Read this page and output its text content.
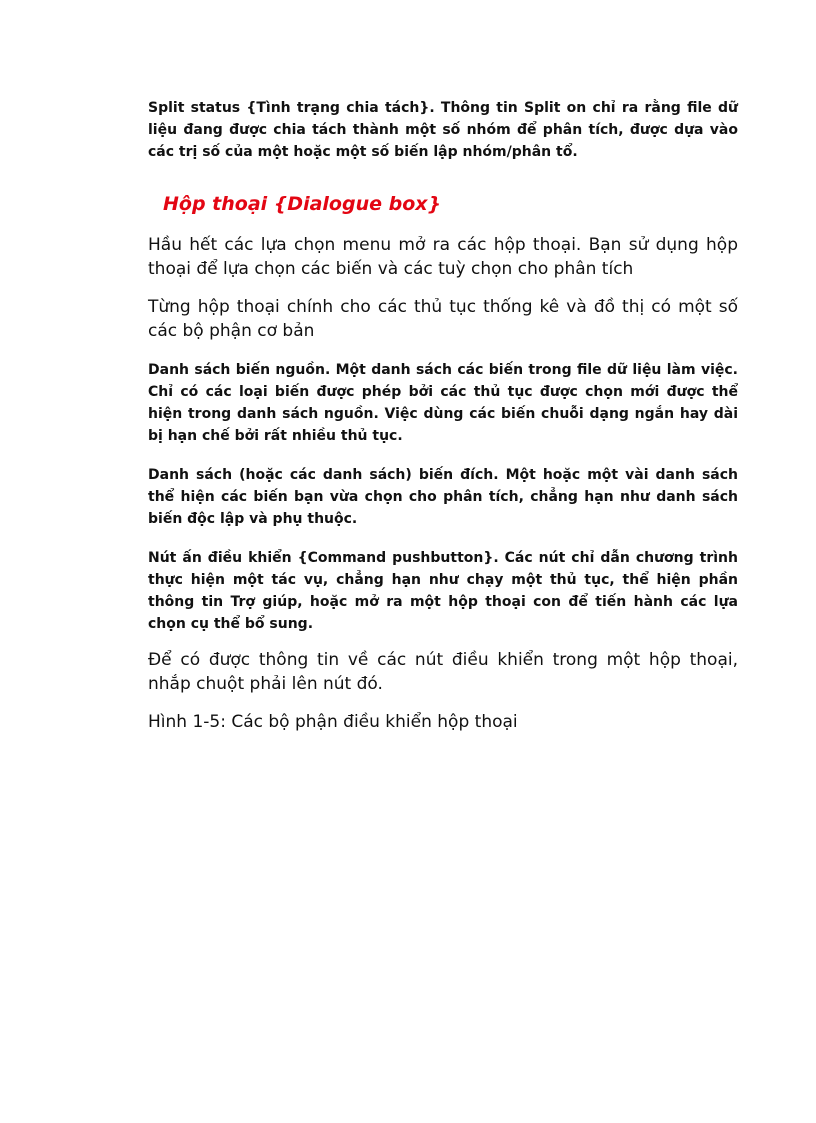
Split status {Tình trạng chia tách}. Thông tin Split on chỉ ra rằng file dữ liệu đang được chia tách thành một số nhóm để phân tích, được dựa vào các trị số của một hoặc một số biến lập nhóm/phân tổ.

Hộp thoại {Dialogue box}

Hầu hết các lựa chọn menu mở ra các hộp thoại. Bạn sử dụng hộp thoại để lựa chọn các biến và các tuỳ chọn cho phân tích

Từng hộp thoại chính cho các thủ tục thống kê và đồ thị có một số các bộ phận cơ bản

Danh sách biến nguồn. Một danh sách các biến trong file dữ liệu làm việc. Chỉ có các loại biến được phép bởi các thủ tục được chọn mới được thể hiện trong danh sách nguồn. Việc dùng các biến chuỗi dạng ngắn hay dài bị hạn chế bởi rất nhiều thủ tục.

Danh sách (hoặc các danh sách) biến đích. Một hoặc một vài danh sách thể hiện các biến bạn vừa chọn cho phân tích, chẳng hạn như danh sách biến độc lập và phụ thuộc.

Nút ấn điều khiển {Command pushbutton}. Các nút chỉ dẫn chương trình thực hiện một tác vụ, chẳng hạn như chạy một thủ tục, thể hiện phần thông tin Trợ giúp, hoặc mở ra một hộp thoại con để tiến hành các lựa chọn cụ thể bổ sung.

Để có được thông tin về các nút điều khiển trong một hộp thoại, nhắp chuột phải lên nút đó.

Hình 1-5: Các bộ phận điều khiển hộp thoại
